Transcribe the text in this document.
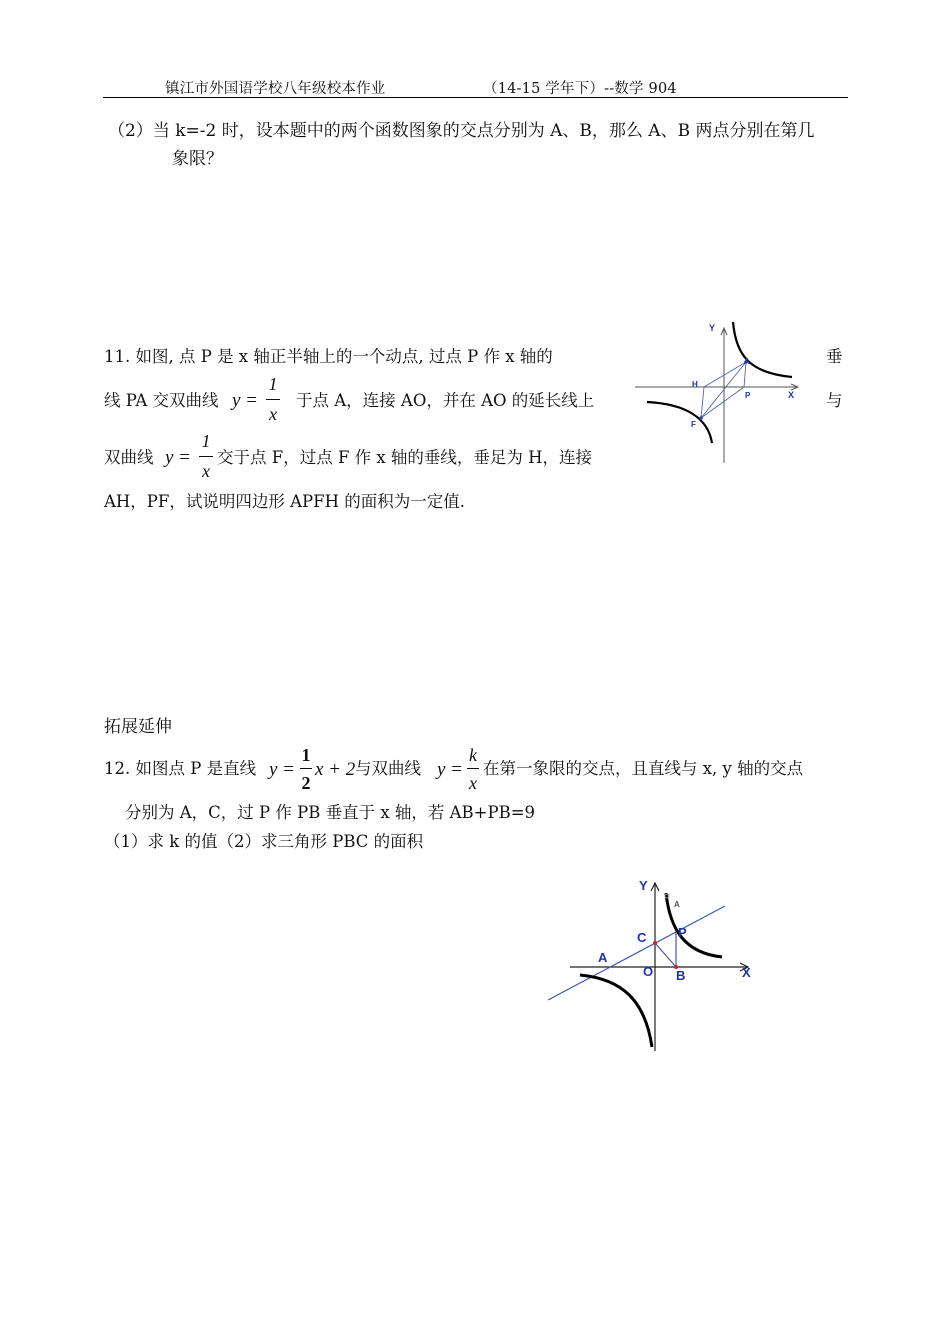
镇江市外国语学校八年级校本作业	（14-15 学年下）--数学 904
（2）当 k=-2 时，设本题中的两个函数图象的交点分别为 A、B，那么 A、B 两点分别在第几
象限？
11. 如图, 点 P 是 x 轴正半轴上的一个动点, 过点 P 作 x 轴的	垂
线 PA 交双曲线 y =
1
x
于点 A，连接 AO，并在 AO 的延长线上	与
双曲线 y =
1
x
交于点 F，过点 F 作 x 轴的垂线，垂足为 H，连接
AH，PF，试说明四边形 APFH 的面积为一定值.
Y
X
A
H
P
F
拓展延伸
12. 如图点 P 是直线 y =
1
2
x + 2 与双曲线 y =
k
x
在第一象限的交点，且直线与 x, y 轴的交点
分别为 A，C，过 P 作 PB 垂直于 x 轴，若 AB+PB=9
（1）求 k 的值（2）求三角形 PBC 的面积
Y
X
A
C P
A
O B
